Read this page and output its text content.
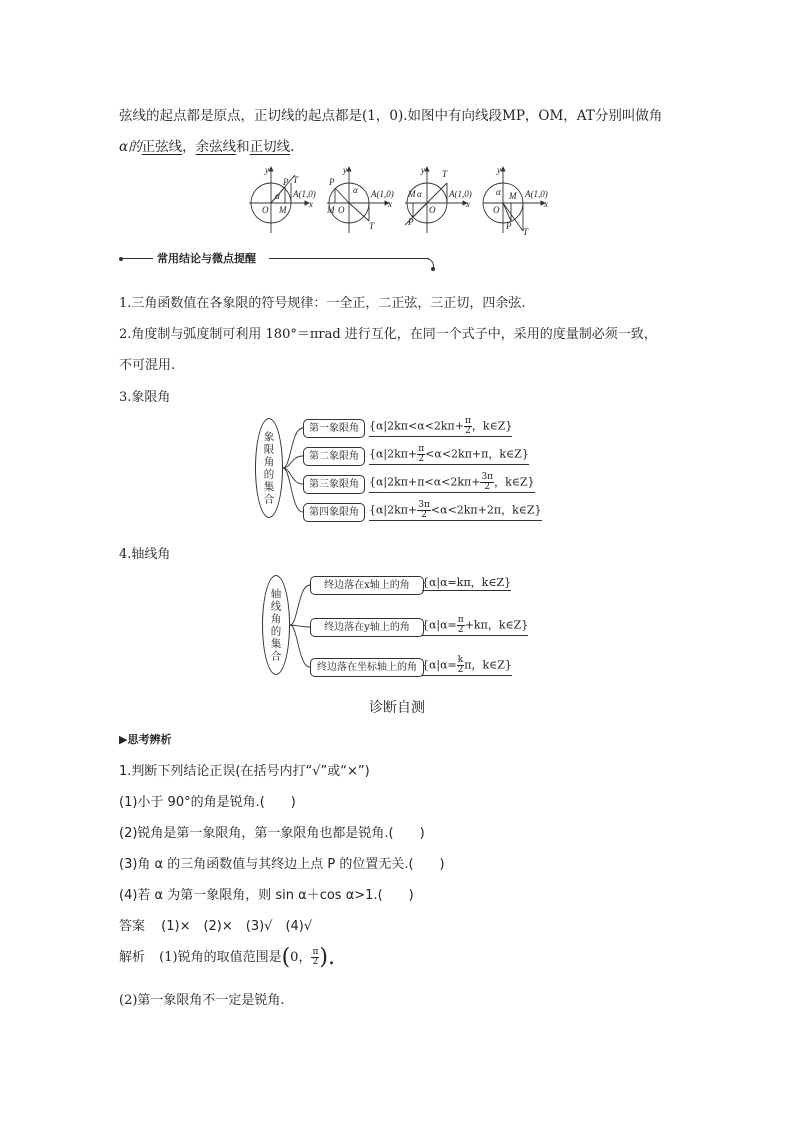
弦线的起点都是原点，正切线的起点都是(1，0).如图中有向线段MP，OM，AT分别叫做角
α的正弦线，余弦线和正切线.
y
x
O M
P T
A(1,0)
α
y
x
M O
P
T
A(1,0)
α
y
x
M
O
P
T
A(1,0)
α
y
x
O
M
P
T
A(1,0)
α
常用结论与微点提醒
1.三角函数值在各象限的符号规律：一全正，二正弦，三正切，四余弦.
2.角度制与弧度制可利用 180°＝πrad 进行互化，在同一个式子中，采用的度量制必须一致，
不可混用.
3.象限角
象限角的集合
第一象限角 {$\alpha|2k\pi<\alpha<2k\pi+ \frac{\pi}{2}$ ，k∈Z}
第二象限角 {$\alpha|2k\pi+ \frac{\pi}{2} <\alpha<2k\pi+\pi$，k∈Z}
第三象限角 {$\alpha|2k\pi+\pi<\alpha<2k\pi+ \frac{3\pi}{2}$ ，k∈Z}
第四象限角 {$\alpha|2k\pi+ \frac{3\pi}{2} <\alpha<2k\pi+2\pi$，k∈Z}
4.轴线角
轴线角的集合
终边落在x轴上的角	{α|α=kπ，k∈Z}
终边落在y轴上的角	{$\alpha|\alpha= \frac{\pi}{2} +k\pi$，k∈Z}
终边落在坐标轴上的角 {$\alpha|\alpha= \frac{k}{2}$ π，k∈Z}
诊断自测
▶思考辨析
1.判断下列结论正误(在括号内打“√”或“×”)
(1)小于 90°的角是锐角.(　　)
(2)锐角是第一象限角，第一象限角也都是锐角.(　　)
(3)角 α 的三角函数值与其终边上点 P 的位置无关.(　　)
(4)若 α 为第一象限角，则 sin α＋cos α>1.(　　)
答案 (1)×　(2)×　(3)√　(4)√
解析 (1)锐角的取值范围是(0， $\frac{\pi}{2}$ ).
(2)第一象限角不一定是锐角.
